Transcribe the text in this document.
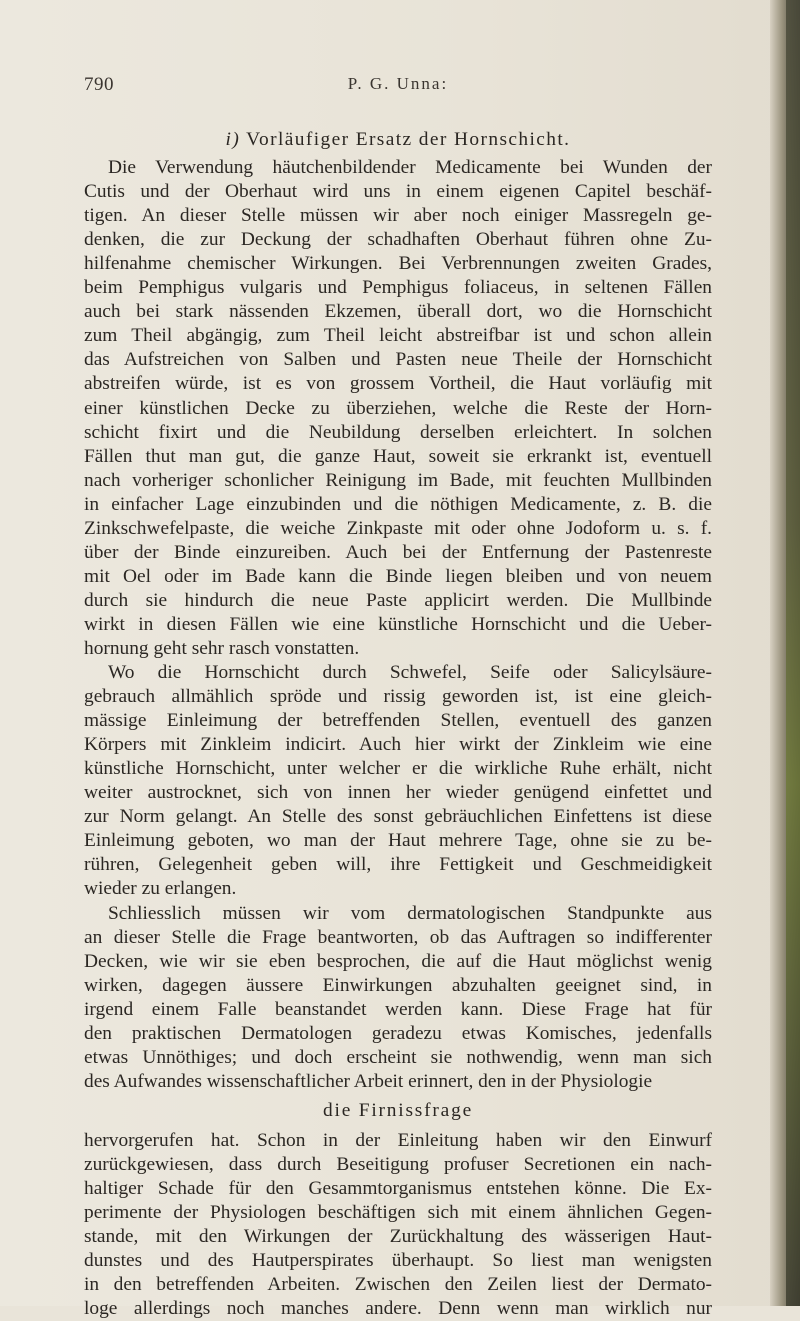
790	P. G. Unna:
i) Vorläufiger Ersatz der Hornschicht.
Die Verwendung häutchenbildender Medicamente bei Wunden der
Cutis und der Oberhaut wird uns in einem eigenen Capitel beschäf-
tigen. An dieser Stelle müssen wir aber noch einiger Massregeln ge-
denken, die zur Deckung der schadhaften Oberhaut führen ohne Zu-
hilfenahme chemischer Wirkungen. Bei Verbrennungen zweiten Grades,
beim Pemphigus vulgaris und Pemphigus foliaceus, in seltenen Fällen
auch bei stark nässenden Ekzemen, überall dort, wo die Hornschicht
zum Theil abgängig, zum Theil leicht abstreifbar ist und schon allein
das Aufstreichen von Salben und Pasten neue Theile der Hornschicht
abstreifen würde, ist es von grossem Vortheil, die Haut vorläufig mit
einer künstlichen Decke zu überziehen, welche die Reste der Horn-
schicht fixirt und die Neubildung derselben erleichtert. In solchen
Fällen thut man gut, die ganze Haut, soweit sie erkrankt ist, eventuell
nach vorheriger schonlicher Reinigung im Bade, mit feuchten Mullbinden
in einfacher Lage einzubinden und die nöthigen Medicamente, z. B. die
Zinkschwefelpaste, die weiche Zinkpaste mit oder ohne Jodoform u. s. f.
über der Binde einzureiben. Auch bei der Entfernung der Pastenreste
mit Oel oder im Bade kann die Binde liegen bleiben und von neuem
durch sie hindurch die neue Paste applicirt werden. Die Mullbinde
wirkt in diesen Fällen wie eine künstliche Hornschicht und die Ueber-
hornung geht sehr rasch vonstatten.
Wo die Hornschicht durch Schwefel, Seife oder Salicylsäure-
gebrauch allmählich spröde und rissig geworden ist, ist eine gleich-
mässige Einleimung der betreffenden Stellen, eventuell des ganzen
Körpers mit Zinkleim indicirt. Auch hier wirkt der Zinkleim wie eine
künstliche Hornschicht, unter welcher er die wirkliche Ruhe erhält, nicht
weiter austrocknet, sich von innen her wieder genügend einfettet und
zur Norm gelangt. An Stelle des sonst gebräuchlichen Einfettens ist diese
Einleimung geboten, wo man der Haut mehrere Tage, ohne sie zu be-
rühren, Gelegenheit geben will, ihre Fettigkeit und Geschmeidigkeit
wieder zu erlangen.
Schliesslich müssen wir vom dermatologischen Standpunkte aus
an dieser Stelle die Frage beantworten, ob das Auftragen so indifferenter
Decken, wie wir sie eben besprochen, die auf die Haut möglichst wenig
wirken, dagegen äussere Einwirkungen abzuhalten geeignet sind, in
irgend einem Falle beanstandet werden kann. Diese Frage hat für
den praktischen Dermatologen geradezu etwas Komisches, jedenfalls
etwas Unnöthiges; und doch erscheint sie nothwendig, wenn man sich
des Aufwandes wissenschaftlicher Arbeit erinnert, den in der Physiologie
die Firnissfrage
hervorgerufen hat. Schon in der Einleitung haben wir den Einwurf
zurückgewiesen, dass durch Beseitigung profuser Secretionen ein nach-
haltiger Schade für den Gesammtorganismus entstehen könne. Die Ex-
perimente der Physiologen beschäftigen sich mit einem ähnlichen Gegen-
stande, mit den Wirkungen der Zurückhaltung des wässerigen Haut-
dunstes und des Hautperspirates überhaupt. So liest man wenigsten
in den betreffenden Arbeiten. Zwischen den Zeilen liest der Dermato-
loge allerdings noch manches andere. Denn wenn man wirklich nur
